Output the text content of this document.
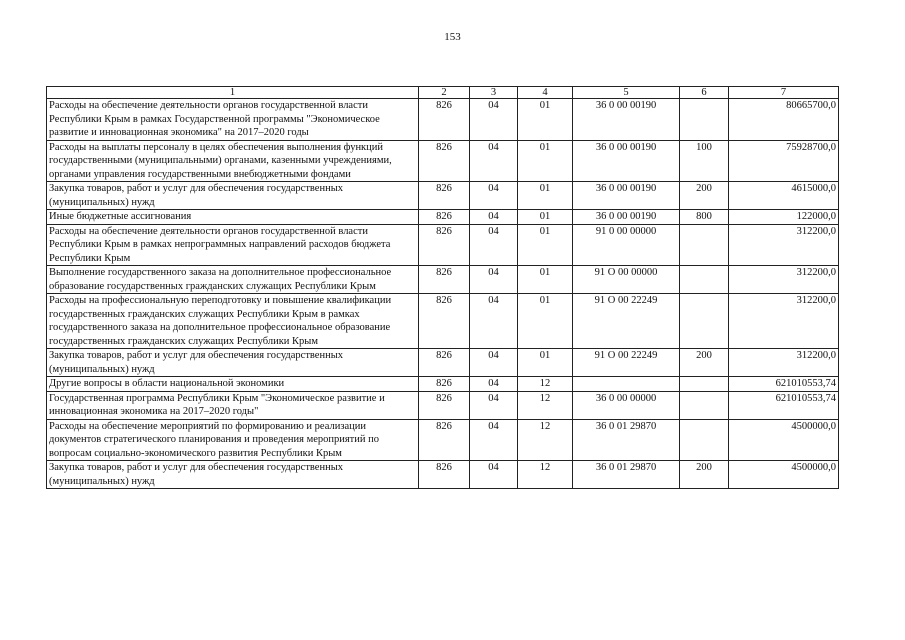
153
1	2	3	4	5	6	7
Расходы на обеспечение деятельности органов государственной власти Республики Крым в рамках Государственной программы "Экономическое развитие и инновационная экономика" на 2017–2020 годы	826	04	01	36 0 00 00190		80665700,0
Расходы на выплаты персоналу в целях обеспечения выполнения функций государственными (муниципальными) органами, казенными учреждениями, органами управления государственными внебюджетными фондами	826	04	01	36 0 00 00190	100	75928700,0
Закупка товаров, работ и услуг для обеспечения государственных (муниципальных) нужд	826	04	01	36 0 00 00190	200	4615000,0
Иные бюджетные ассигнования	826	04	01	36 0 00 00190	800	122000,0
Расходы на обеспечение деятельности органов государственной власти Республики Крым в рамках непрограммных направлений расходов бюджета Республики Крым	826	04	01	91 0 00 00000		312200,0
Выполнение государственного заказа на дополнительное профессиональное образование государственных гражданских служащих Республики Крым	826	04	01	91 О 00 00000		312200,0
Расходы на профессиональную переподготовку и повышение квалификации государственных гражданских служащих Республики Крым в рамках государственного заказа на дополнительное профессиональное образование государственных гражданских служащих Республики Крым	826	04	01	91 О 00 22249		312200,0
Закупка товаров, работ и услуг для обеспечения государственных (муниципальных) нужд	826	04	01	91 О 00 22249	200	312200,0
Другие вопросы в области национальной экономики	826	04	12			621010553,74
Государственная программа Республики Крым "Экономическое развитие и инновационная экономика на 2017–2020 годы"	826	04	12	36 0 00 00000		621010553,74
Расходы на обеспечение мероприятий по формированию и реализации документов стратегического планирования и проведения мероприятий по вопросам социально-экономического развития Республики Крым	826	04	12	36 0 01 29870		4500000,0
Закупка товаров, работ и услуг для обеспечения государственных (муниципальных) нужд	826	04	12	36 0 01 29870	200	4500000,0
